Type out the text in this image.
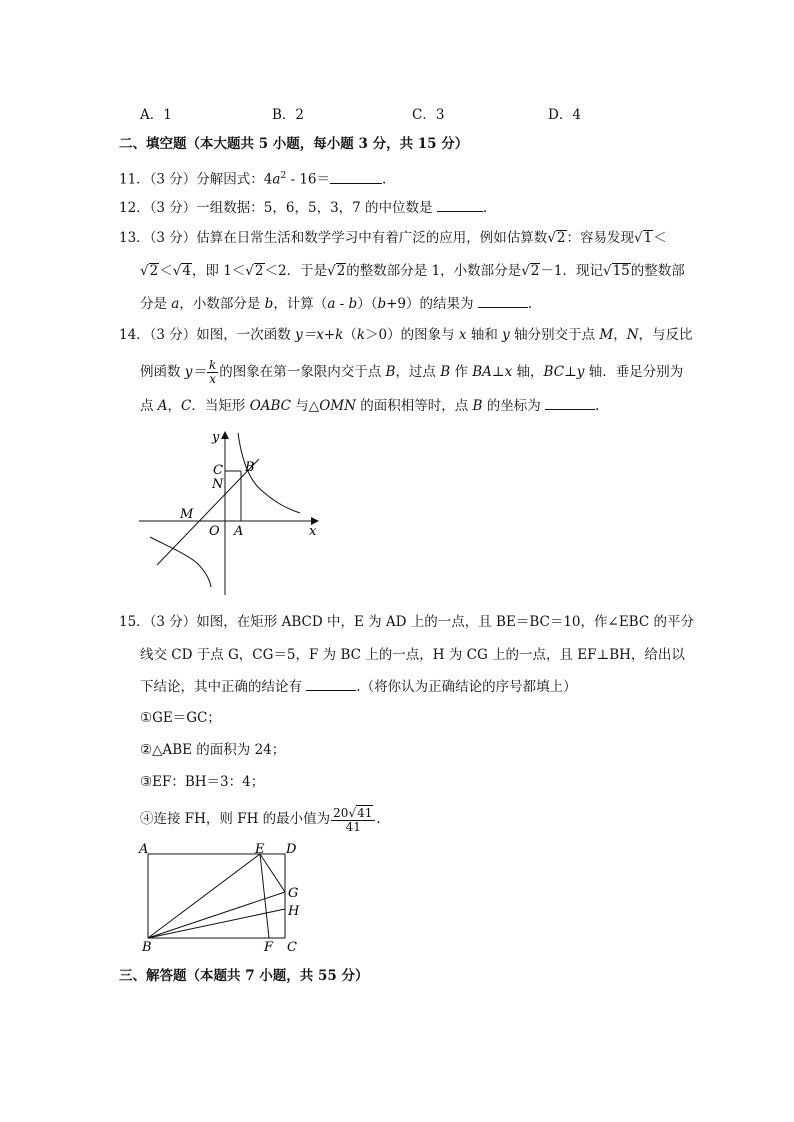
A．1	B．2	C．3	D．4
二、填空题（本大题共 5 小题，每小题 3 分，共 15 分）
11．（3 分）分解因式：$4a^2 - 16=$	.
12．（3 分）一组数据：5，6，5，3，7 的中位数是	.
13．（3 分）估算在日常生活和数学学习中有着广泛的应用，例如估算数√2：容易发现√1＜
√2＜√4，即 1＜√2＜2．于是√2的整数部分是 1，小数部分是√2－1．现记√15的整数部
分是 a，小数部分是 b，计算（a - b）（b+9）的结果为	.
14．（3 分）如图，一次函数 y＝x+k（k＞0）的图象与 x 轴和 y 轴分别交于点 M，N，与反比
例函数 $y= \frac{k}{x}$ 的图象在第一象限内交于点 B，过点 B 作 BA⊥x 轴，BC⊥y 轴．垂足分别为
点 A，C．当矩形 OABC 与△OMN 的面积相等时，点 B 的坐标为	.
y
x
C B
N
M
O A
15．（3 分）如图，在矩形 ABCD 中，E 为 AD 上的一点，且 BE＝BC＝10，作∠EBC 的平分
线交 CD 于点 G，CG＝5，F 为 BC 上的一点，H 为 CG 上的一点，且 EF⊥BH，给出以
下结论，其中正确的结论有	.（将你认为正确结论的序号都填上）
①GE＝GC；
②△ABE 的面积为 24；
③EF：BH＝3：4；
④连接 FH，则 FH 的最小值为 $\frac{20√41}{41}$ .
A	E D
G
H
B	F C
三、解答题（本题共 7 小题，共 55 分）
